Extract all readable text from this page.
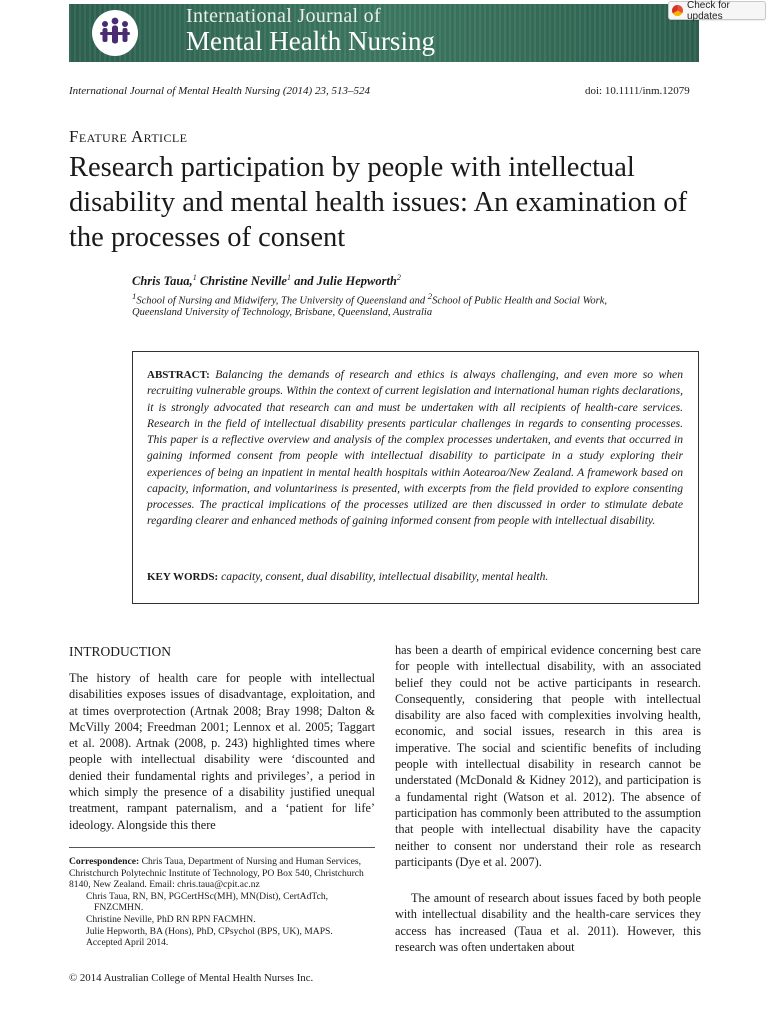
International Journal of
Mental Health Nursing
Check for updates
International Journal of Mental Health Nursing (2014) 23, 513–524	doi: 10.1111/inm.12079
Feature Article
Research participation by people with intellectual disability and mental health issues: An examination of the processes of consent
Chris Taua,$^1$ Christine Neville$^1$ and Julie Hepworth$^2$
$^1$School of Nursing and Midwifery, The University of Queensland and $^2$School of Public Health and Social Work,
Queensland University of Technology, Brisbane, Queensland, Australia

ABSTRACT: Balancing the demands of research and ethics is always challenging, and even more so when recruiting vulnerable groups. Within the context of current legislation and international human rights declarations, it is strongly advocated that research can and must be undertaken with all recipients of health-care services. Research in the field of intellectual disability presents particular challenges in regards to consenting processes. This paper is a reflective overview and analysis of the complex processes undertaken, and events that occurred in gaining informed consent from people with intellectual disability to participate in a study exploring their experiences of being an inpatient in mental health hospitals within Aotearoa/New Zealand. A framework based on capacity, information, and voluntariness is presented, with excerpts from the field provided to explore consenting processes. The practical implications of the processes utilized are then discussed in order to stimulate debate regarding clearer and enhanced methods of gaining informed consent from people with intellectual disability.

KEY WORDS: capacity, consent, dual disability, intellectual disability, mental health.

INTRODUCTION

The history of health care for people with intellectual disabilities exposes issues of disadvantage, exploitation, and at times overprotection (Artnak 2008; Bray 1998; Dalton & McVilly 2004; Freedman 2001; Lennox et al. 2005; Taggart et al. 2008). Artnak (2008, p. 243) highlighted times where people with intellectual disability were ‘discounted and denied their fundamental rights and privileges’, a period in which simply the presence of a disability justified unequal treatment, rampant paternalism, and a ‘patient for life’ ideology. Alongside this there

has been a dearth of empirical evidence concerning best care for people with intellectual disability, with an associated belief they could not be active participants in research. Consequently, considering that people with intellectual disability are also faced with complexities involving health, economic, and social issues, research in this area is imperative. The social and scientific benefits of including people with intellectual disability in research cannot be understated (McDonald & Kidney 2012), and participation is a fundamental right (Watson et al. 2012). The absence of participation has commonly been attributed to the assumption that people with intellectual disability have the capacity neither to consent nor understand their role as research participants (Dye et al. 2007).

The amount of research about issues faced by both people with intellectual disability and the health-care services they access has increased (Taua et al. 2011). However, this research was often undertaken about

Correspondence: Chris Taua, Department of Nursing and Human Services, Christchurch Polytechnic Institute of Technology, PO Box 540, Christchurch 8140, New Zealand. Email: chris.taua@cpit.ac.nz
Chris Taua, RN, BN, PGCertHSc(MH), MN(Dist), CertAdTch,
FNZCMHN.
Christine Neville, PhD RN RPN FACMHN.
Julie Hepworth, BA (Hons), PhD, CPsychol (BPS, UK), MAPS.
Accepted April 2014.
© 2014 Australian College of Mental Health Nurses Inc.
